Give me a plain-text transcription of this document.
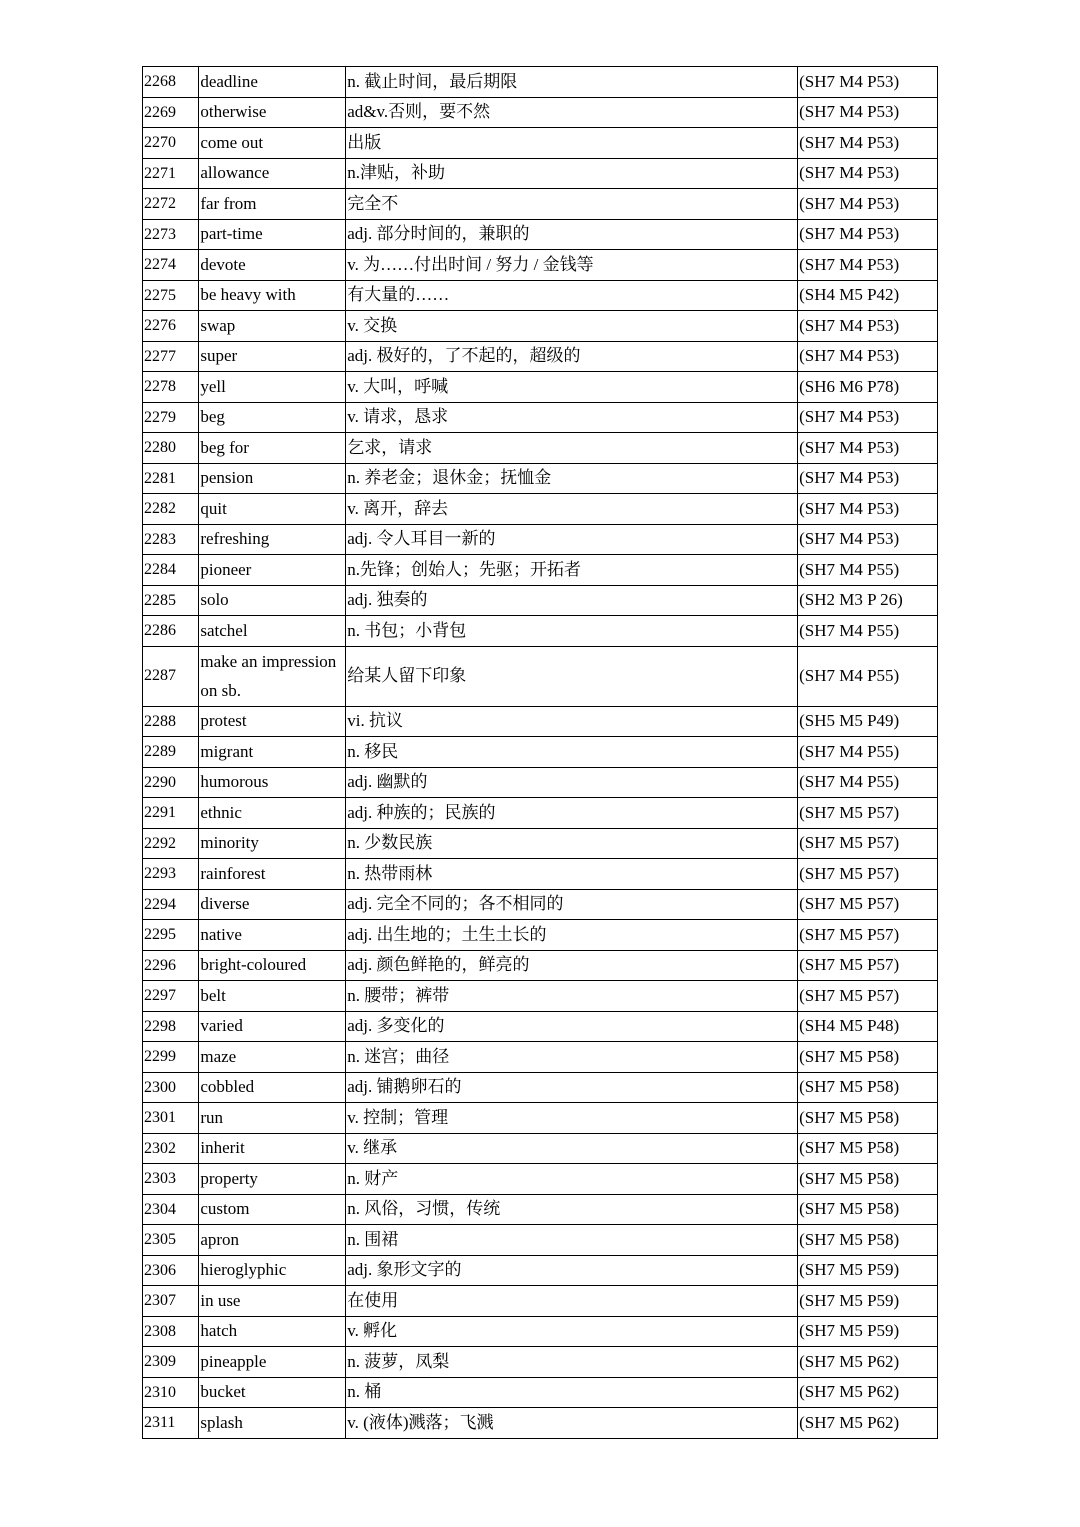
2268	deadline	n. 截止时间，最后期限	(SH7 M4 P53)
2269	otherwise	ad&v.否则，要不然	(SH7 M4 P53)
2270	come out	出版	(SH7 M4 P53)
2271	allowance	n.津贴，补助	(SH7 M4 P53)
2272	far from	完全不	(SH7 M4 P53)
2273	part-time	adj. 部分时间的，兼职的	(SH7 M4 P53)
2274	devote	v. 为……付出时间 / 努力 / 金钱等	(SH7 M4 P53)
2275	be heavy with	有大量的……	(SH4 M5 P42)
2276	swap	v. 交换	(SH7 M4 P53)
2277	super	adj. 极好的，了不起的，超级的	(SH7 M4 P53)
2278	yell	v. 大叫，呼喊	(SH6 M6 P78)
2279	beg	v. 请求，恳求	(SH7 M4 P53)
2280	beg for	乞求，请求	(SH7 M4 P53)
2281	pension	n. 养老金；退休金；抚恤金	(SH7 M4 P53)
2282	quit	v. 离开，辞去	(SH7 M4 P53)
2283	refreshing	adj. 令人耳目一新的	(SH7 M4 P53)
2284	pioneer	n.先锋；创始人；先驱；开拓者	(SH7 M4 P55)
2285	solo	adj. 独奏的	(SH2 M3 P 26)
2286	satchel	n. 书包；小背包	(SH7 M4 P55)
2287	make an impression on sb.	给某人留下印象	(SH7 M4 P55)
2288	protest	vi. 抗议	(SH5 M5 P49)
2289	migrant	n. 移民	(SH7 M4 P55)
2290	humorous	adj. 幽默的	(SH7 M4 P55)
2291	ethnic	adj. 种族的；民族的	(SH7 M5 P57)
2292	minority	n. 少数民族	(SH7 M5 P57)
2293	rainforest	n. 热带雨林	(SH7 M5 P57)
2294	diverse	adj. 完全不同的；各不相同的	(SH7 M5 P57)
2295	native	adj. 出生地的；土生土长的	(SH7 M5 P57)
2296	bright-coloured	adj. 颜色鲜艳的，鲜亮的	(SH7 M5 P57)
2297	belt	n. 腰带；裤带	(SH7 M5 P57)
2298	varied	adj. 多变化的	(SH4 M5 P48)
2299	maze	n. 迷宫；曲径	(SH7 M5 P58)
2300	cobbled	adj. 铺鹅卵石的	(SH7 M5 P58)
2301	run	v. 控制；管理	(SH7 M5 P58)
2302	inherit	v. 继承	(SH7 M5 P58)
2303	property	n. 财产	(SH7 M5 P58)
2304	custom	n. 风俗，习惯，传统	(SH7 M5 P58)
2305	apron	n. 围裙	(SH7 M5 P58)
2306	hieroglyphic	adj. 象形文字的	(SH7 M5 P59)
2307	in use	在使用	(SH7 M5 P59)
2308	hatch	v. 孵化	(SH7 M5 P59)
2309	pineapple	n. 菠萝，凤梨	(SH7 M5 P62)
2310	bucket	n. 桶	(SH7 M5 P62)
2311	splash	v. (液体)溅落；飞溅	(SH7 M5 P62)
